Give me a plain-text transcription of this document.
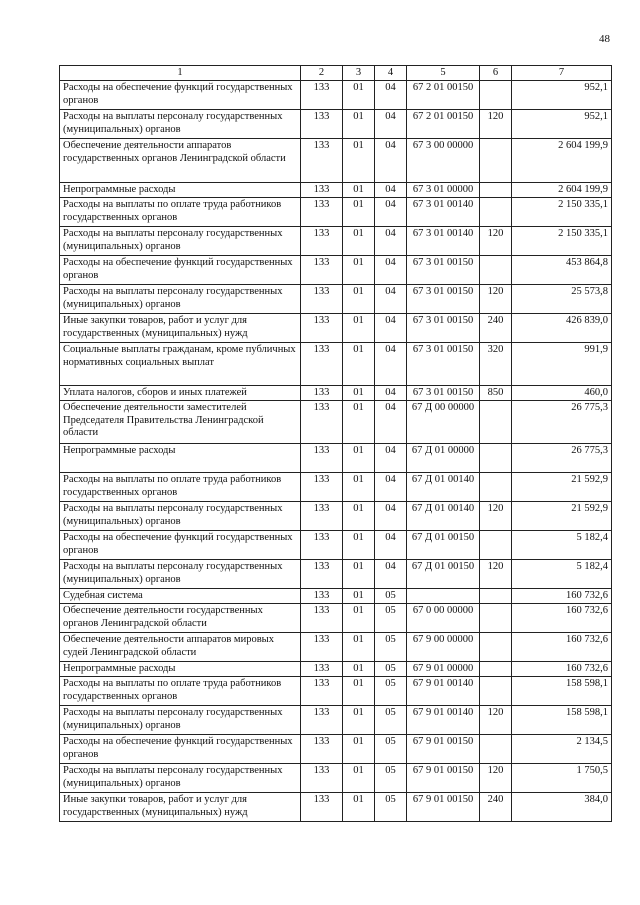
48
1	2	3	4	5	6	7
Расходы на обеспечение функций государственных органов	133	01	04	67 2 01 00150		952,1
Расходы на выплаты персоналу государственных (муниципальных) органов	133	01	04	67 2 01 00150	120	952,1
Обеспечение деятельности аппаратов государственных органов Ленинградской области	133	01	04	67 3 00 00000		2 604 199,9
Непрограммные расходы	133	01	04	67 3 01 00000		2 604 199,9
Расходы на выплаты по оплате труда работников государственных органов	133	01	04	67 3 01 00140		2 150 335,1
Расходы на выплаты персоналу государственных (муниципальных) органов	133	01	04	67 3 01 00140	120	2 150 335,1
Расходы на обеспечение функций государственных органов	133	01	04	67 3 01 00150		453 864,8
Расходы на выплаты персоналу государственных (муниципальных) органов	133	01	04	67 3 01 00150	120	25 573,8
Иные закупки товаров, работ и услуг для государственных (муниципальных) нужд	133	01	04	67 3 01 00150	240	426 839,0
Социальные выплаты гражданам, кроме публичных нормативных социальных выплат	133	01	04	67 3 01 00150	320	991,9
Уплата налогов, сборов и иных платежей	133	01	04	67 3 01 00150	850	460,0
Обеспечение деятельности заместителей Председателя Правительства Ленинградской области	133	01	04	67 Д 00 00000		26 775,3
Непрограммные расходы	133	01	04	67 Д 01 00000		26 775,3
Расходы на выплаты по оплате труда работников государственных органов	133	01	04	67 Д 01 00140		21 592,9
Расходы на выплаты персоналу государственных (муниципальных) органов	133	01	04	67 Д 01 00140	120	21 592,9
Расходы на обеспечение функций государственных органов	133	01	04	67 Д 01 00150		5 182,4
Расходы на выплаты персоналу государственных (муниципальных) органов	133	01	04	67 Д 01 00150	120	5 182,4
Судебная система	133	01	05			160 732,6
Обеспечение деятельности государственных органов Ленинградской области	133	01	05	67 0 00 00000		160 732,6
Обеспечение деятельности аппаратов мировых судей Ленинградской области	133	01	05	67 9 00 00000		160 732,6
Непрограммные расходы	133	01	05	67 9 01 00000		160 732,6
Расходы на выплаты по оплате труда работников государственных органов	133	01	05	67 9 01 00140		158 598,1
Расходы на выплаты персоналу государственных (муниципальных) органов	133	01	05	67 9 01 00140	120	158 598,1
Расходы на обеспечение функций государственных органов	133	01	05	67 9 01 00150		2 134,5
Расходы на выплаты персоналу государственных (муниципальных) органов	133	01	05	67 9 01 00150	120	1 750,5
Иные закупки товаров, работ и услуг для государственных (муниципальных) нужд	133	01	05	67 9 01 00150	240	384,0
